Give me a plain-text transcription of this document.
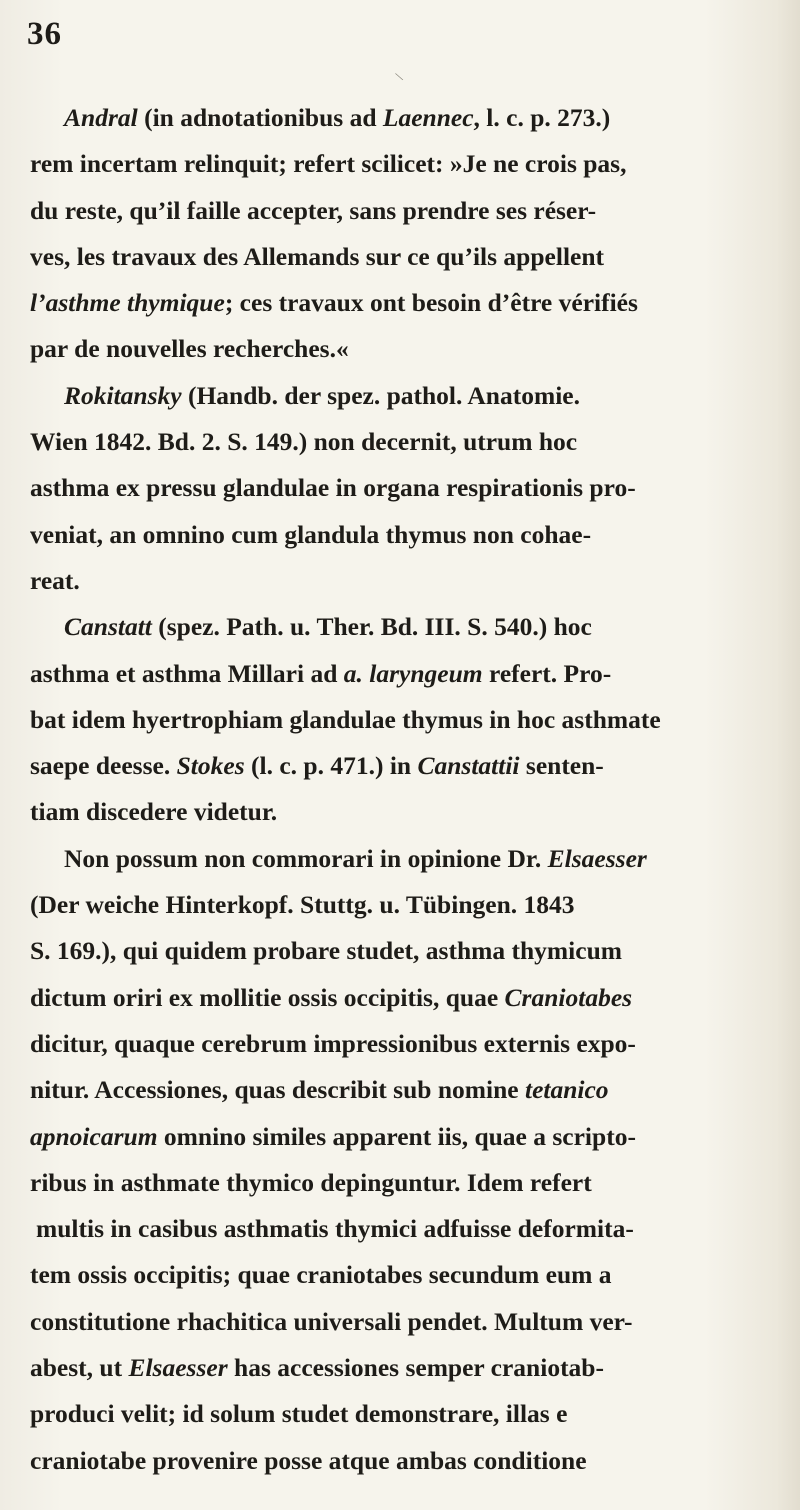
36
\
Andral (in adnotationibus ad Laennec, l. c. p. 273.)
rem incertam relinquit; refert scilicet: »Je ne crois pas,
du reste, qu’il faille accepter, sans prendre ses réser-
ves, les travaux des Allemands sur ce qu’ils appellent
l’asthme thymique; ces travaux ont besoin d’être vérifiés
par de nouvelles recherches.«
Rokitansky (Handb. der spez. pathol. Anatomie.
Wien 1842. Bd. 2. S. 149.) non decernit, utrum hoc
asthma ex pressu glandulae in organa respirationis pro-
veniat, an omnino cum glandula thymus non cohae-
reat.
Canstatt (spez. Path. u. Ther. Bd. III. S. 540.) hoc
asthma et asthma Millari ad a. laryngeum refert. Pro-
bat idem hyertrophiam glandulae thymus in hoc asthmate
saepe deesse. Stokes (l. c. p. 471.) in Canstattii senten-
tiam discedere videtur.
Non possum non commorari in opinione Dr. Elsaesser
(Der weiche Hinterkopf. Stuttg. u. Tübingen. 1843
S. 169.), qui quidem probare studet, asthma thymicum
dictum oriri ex mollitie ossis occipitis, quae Craniotabes
dicitur, quaque cerebrum impressionibus externis expo-
nitur. Accessiones, quas describit sub nomine tetanico
apnoicarum omnino similes apparent iis, quae a scripto-
ribus in asthmate thymico depinguntur. Idem refert
multis in casibus asthmatis thymici adfuisse deformita-
tem ossis occipitis; quae craniotabes secundum eum a
constitutione rhachitica universali pendet. Multum ver-
abest, ut Elsaesser has accessiones semper craniotab-
produci velit; id solum studet demonstrare, illas e
craniotabe provenire posse atque ambas conditione
